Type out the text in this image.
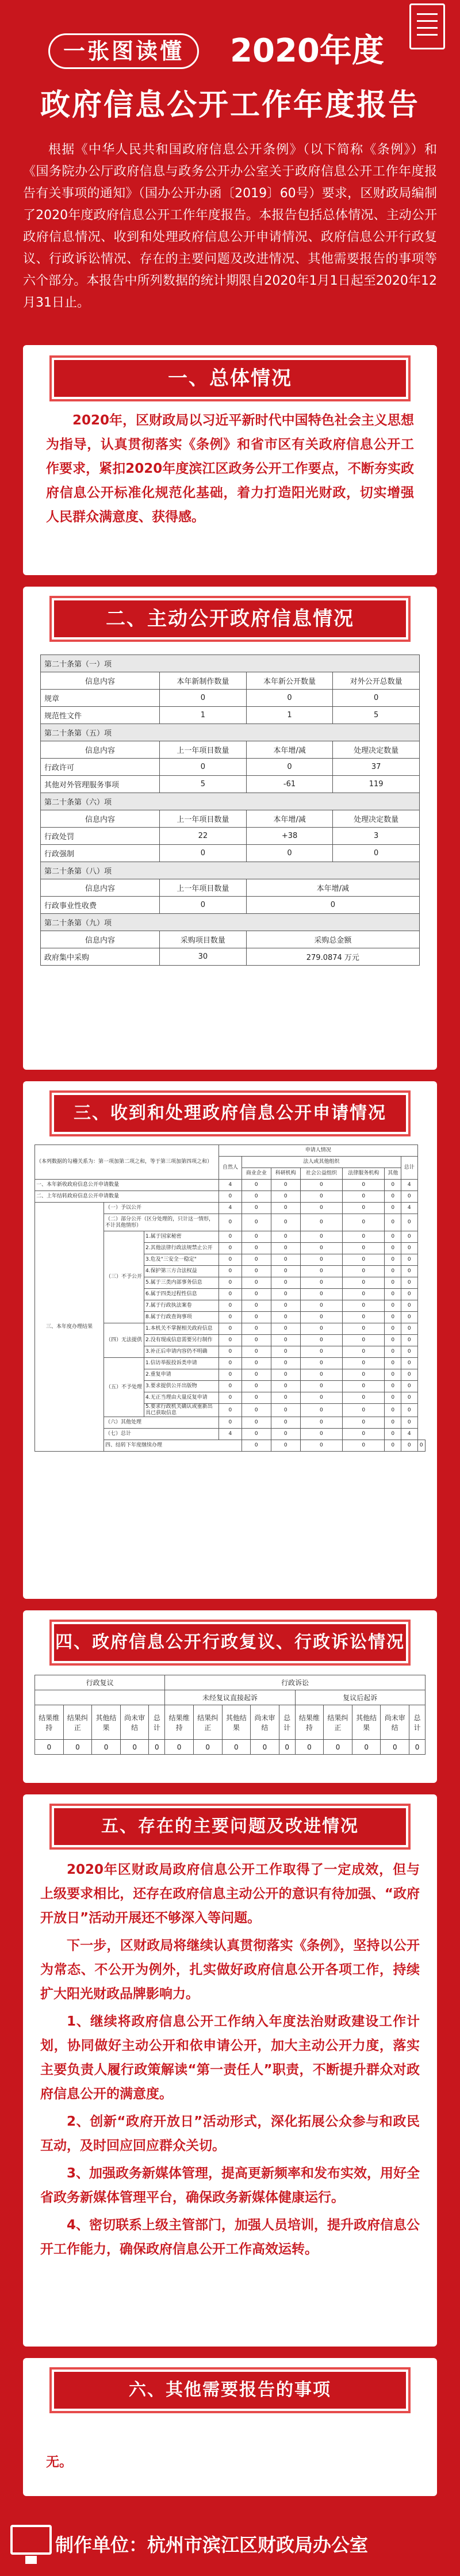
一张图读懂	2020年度
政府信息公开工作年度报告

根据《中华人民共和国政府信息公开条例》（以下简称《条例》）和《国务院办公厅政府信息与政务公开办公室关于政府信息公开工作年度报告有关事项的通知》（国办公开办函〔2019〕60号）要求，区财政局编制了2020年度政府信息公开工作年度报告。本报告包括总体情况、主动公开政府信息情况、收到和处理政府信息公开申请情况、政府信息公开行政复议、行政诉讼情况、存在的主要问题及改进情况、其他需要报告的事项等六个部分。本报告中所列数据的统计期限自2020年1月1日起至2020年12月31日止。

2020年，区财政局以习近平新时代中国特色社会主义思想为指导，认真贯彻落实《条例》和省市区有关政府信息公开工作要求，紧扣2020年度滨江区政务公开工作要点，不断夯实政府信息公开标准化规范化基础，着力打造阳光财政，切实增强人民群众满意度、获得感。

一、总体情况
第二十条第（一）项			
信息内容	本年新制作数量	本年新公开数量	对外公开总数量
规章	0	0	0
规范性文件	1	1	5
第二十条第（五）项			
信息内容	上一年项目数量	本年增/减	处理决定数量
行政许可	0	0	37
其他对外管理服务事项	5	-61	119
第二十条第（六）项			
信息内容	上一年项目数量	本年增/减	处理决定数量
行政处罚	22	+38	3
行政强制	0	0	0
第二十条第（八）项			
信息内容	上一年项目数量	本年增/减	
行政事业性收费	0	0	
第二十条第（九）项			
信息内容	采购项目数量	采购总金额	
政府集中采购	30	279.0874 万元	
二、主动公开政府信息情况
（本列数据的勾稽关系为：第一项加第二项之和，等于第三项加第四项之和）			申请人情况							
			自然人	法人或其他组织					总计	
				商业企业	科研机构	社会公益组织	法律服务机构	其他		
一、本年新收政府信息公开申请数量			4	0	0	0	0	0	4	
二、上年结转政府信息公开申请数量			0	0	0	0	0	0	0	
三、本年度办理结果	（一）予以公开		4	0	0	0	0	0	4	
	（二）部分公开（区分处理的，只计这一情形，不计其他情形）		0	0	0	0	0	0	0	
	（三）不予公开	1.属于国家秘密	0	0	0	0	0	0	0	
		2.其他法律行政法规禁止公开	0	0	0	0	0	0	0	
		3.危及"三安全一稳定"	0	0	0	0	0	0	0	
		4.保护第三方合法权益	0	0	0	0	0	0	0	
		5.属于三类内部事务信息	0	0	0	0	0	0	0	
		6.属于四类过程性信息	0	0	0	0	0	0	0	
		7.属于行政执法案卷	0	0	0	0	0	0	0	
		8.属于行政查询事项	0	0	0	0	0	0	0	
	（四）无法提供	1.本机关不掌握相关政府信息	0	0	0	0	0	0	0	
		2.没有现成信息需要另行制作	0	0	0	0	0	0	0	
		3.补正后申请内容仍不明确	0	0	0	0	0	0	0	
	（五）不予处理	1.信访举报投诉类申请	0	0	0	0	0	0	0	
		2.重复申请	0	0	0	0	0	0	0	
		3.要求提供公开出版物	0	0	0	0	0	0	0	
		4.无正当理由大量反复申请	0	0	0	0	0	0	0	
		5.要求行政机关确认或重新出具已获取信息	0	0	0	0	0	0	0	
	（六）其他处理		0	0	0	0	0	0	0	
	（七）总计		4	0	0	0	0	0	4	
	四、结转下年度继续办理			0	0	0	0	0	0	0
三、收到和处理政府信息公开申请情况
行政复议					行政诉讼									
					未经复议直接起诉					复议后起诉				
结果维持	结果纠正	其他结果	尚未审结	总计	结果维持	结果纠正	其他结果	尚未审结	总计	结果维持	结果纠正	其他结果	尚未审结	总计
0	0	0	0	0	0	0	0	0	0	0	0	0	0	0
四、政府信息公开行政复议、行政诉讼情况

2020年区财政局政府信息公开工作取得了一定成效，但与上级要求相比，还存在政府信息主动公开的意识有待加强、“政府开放日”活动开展还不够深入等问题。

下一步，区财政局将继续认真贯彻落实《条例》，坚持以公开为常态、不公开为例外，扎实做好政府信息公开各项工作，持续扩大阳光财政品牌影响力。

1、继续将政府信息公开工作纳入年度法治财政建设工作计划，协同做好主动公开和依申请公开，加大主动公开力度，落实主要负责人履行政策解读“第一责任人”职责，不断提升群众对政府信息公开的满意度。

2、创新“政府开放日”活动形式，深化拓展公众参与和政民互动，及时回应回应群众关切。

3、加强政务新媒体管理，提高更新频率和发布实效，用好全省政务新媒体管理平台，确保政务新媒体健康运行。

4、密切联系上级主管部门，加强人员培训，提升政府信息公开工作能力，确保政府信息公开工作高效运转。

五、存在的主要问题及改进情况

无。

六、其他需要报告的事项
制作单位：杭州市滨江区财政局办公室
